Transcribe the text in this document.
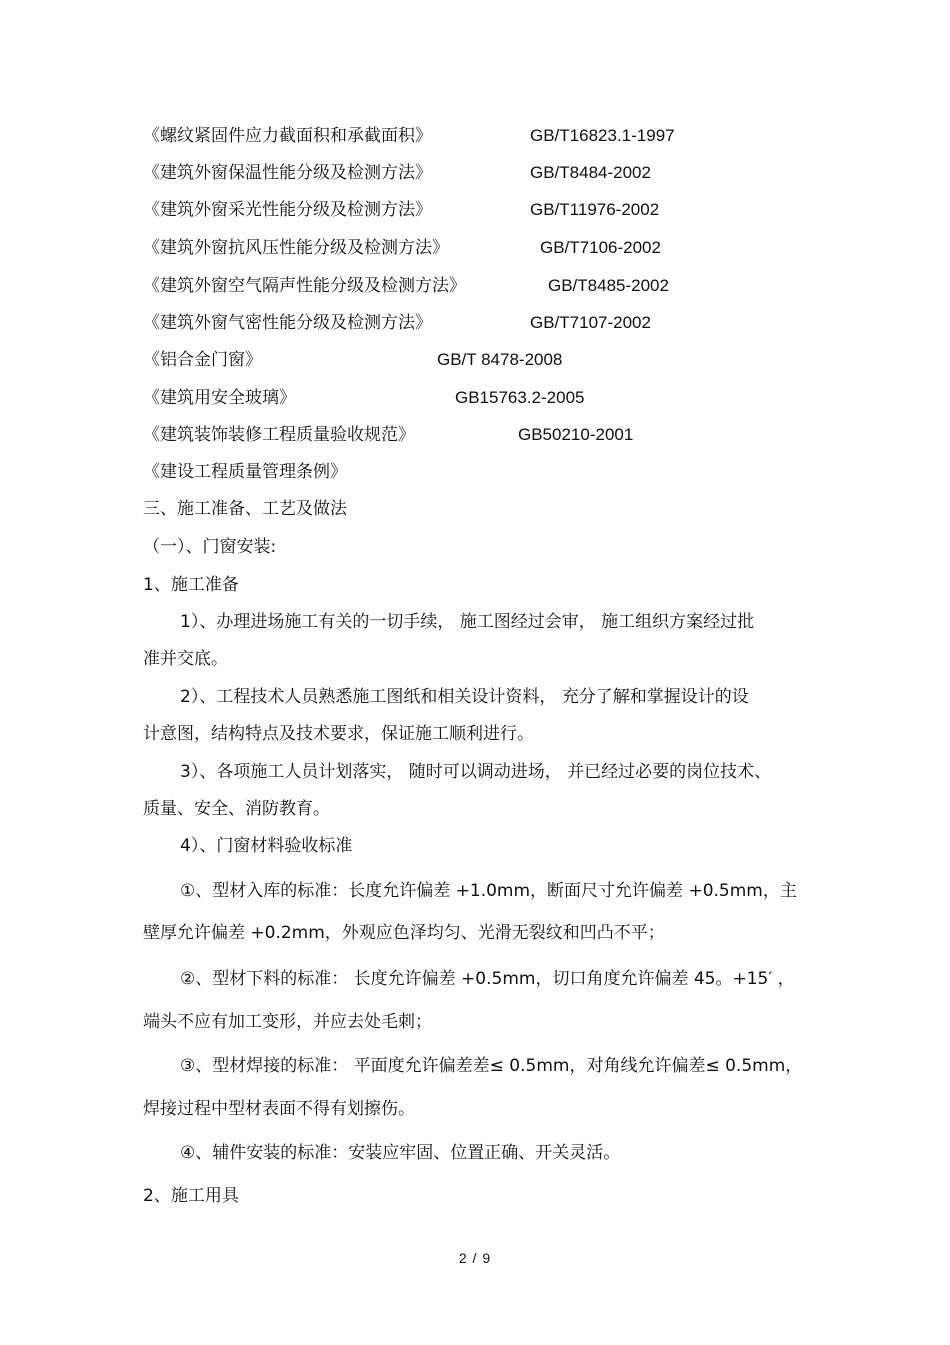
《螺纹紧固件应力截面积和承截面积》	GB/T16823.1-1997
《建筑外窗保温性能分级及检测方法》	GB/T8484-2002
《建筑外窗采光性能分级及检测方法》	GB/T11976-2002
《建筑外窗抗风压性能分级及检测方法》	GB/T7106-2002
《建筑外窗空气隔声性能分级及检测方法》	GB/T8485-2002
《建筑外窗气密性能分级及检测方法》	GB/T7107-2002
《铝合金门窗》	GB/T 8478-2008
《建筑用安全玻璃》	GB15763.2-2005
《建筑装饰装修工程质量验收规范》	GB50210-2001
《建设工程质量管理条例》
三、施工准备、工艺及做法
（一）、门窗安装:
1、施工准备
1）、办理进场施工有关的一切手续， 施工图经过会审， 施工组织方案经过批
准并交底。
2）、工程技术人员熟悉施工图纸和相关设计资料， 充分了解和掌握设计的设
计意图，结构特点及技术要求，保证施工顺利进行。
3）、各项施工人员计划落实， 随时可以调动进场， 并已经过必要的岗位技术、
质量、安全、消防教育。
4）、门窗材料验收标准
①、型材入库的标准：长度允许偏差 +1.0mm，断面尺寸允许偏差 +0.5mm，主
壁厚允许偏差 +0.2mm，外观应色泽均匀、光滑无裂纹和凹凸不平；
②、型材下料的标准： 长度允许偏差 +0.5mm，切口角度允许偏差 45。+15′ ，
端头不应有加工变形，并应去处毛刺；
③、型材焊接的标准： 平面度允许偏差差≤ 0.5mm，对角线允许偏差≤ 0.5mm，
焊接过程中型材表面不得有划擦伤。
④、辅件安装的标准：安装应牢固、位置正确、开关灵活。
2、施工用具
2 / 9
